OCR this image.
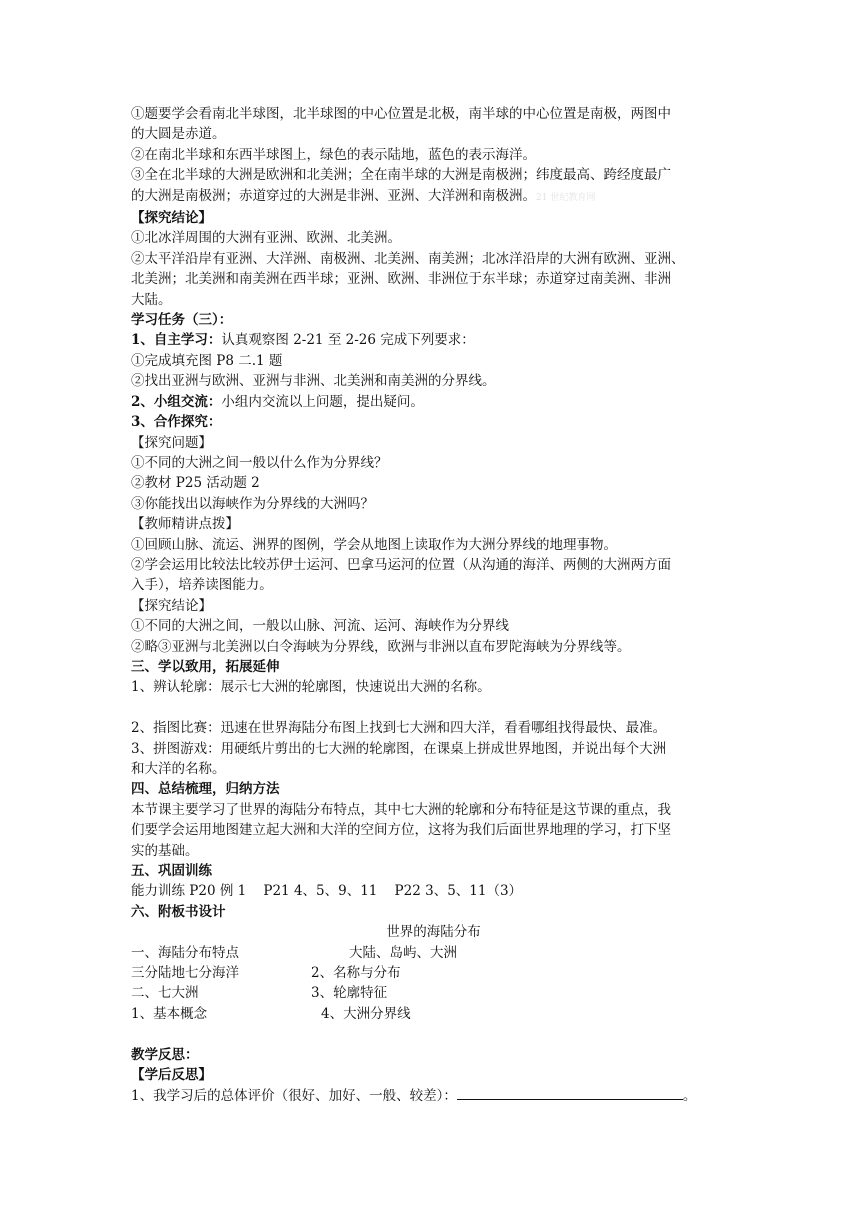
①题要学会看南北半球图，北半球图的中心位置是北极，南半球的中心位置是南极，两图中
的大圆是赤道。
②在南北半球和东西半球图上，绿色的表示陆地，蓝色的表示海洋。
③全在北半球的大洲是欧洲和北美洲；全在南半球的大洲是南极洲；纬度最高、跨经度最广
的大洲是南极洲；赤道穿过的大洲是非洲、亚洲、大洋洲和南极洲。21 世纪教育网
【探究结论】
①北冰洋周围的大洲有亚洲、欧洲、北美洲。
②太平洋沿岸有亚洲、大洋洲、南极洲、北美洲、南美洲；北冰洋沿岸的大洲有欧洲、亚洲、
北美洲；北美洲和南美洲在西半球；亚洲、欧洲、非洲位于东半球；赤道穿过南美洲、非洲
大陆。
学习任务（三）：
1、自主学习：认真观察图 2-21 至 2-26 完成下列要求：
①完成填充图 P8 二.1 题
②找出亚洲与欧洲、亚洲与非洲、北美洲和南美洲的分界线。
2、小组交流：小组内交流以上问题，提出疑问。
3、合作探究：
【探究问题】
①不同的大洲之间一般以什么作为分界线？
②教材 P25 活动题 2
③你能找出以海峡作为分界线的大洲吗？
【教师精讲点拨】
①回顾山脉、流运、洲界的图例，学会从地图上读取作为大洲分界线的地理事物。
②学会运用比较法比较苏伊士运河、巴拿马运河的位置（从沟通的海洋、两侧的大洲两方面
入手），培养读图能力。
【探究结论】
①不同的大洲之间，一般以山脉、河流、运河、海峡作为分界线
②略③亚洲与北美洲以白令海峡为分界线，欧洲与非洲以直布罗陀海峡为分界线等。
三、学以致用，拓展延伸
1、辨认轮廓：展示七大洲的轮廓图，快速说出大洲的名称。
2、指图比赛：迅速在世界海陆分布图上找到七大洲和四大洋，看看哪组找得最快、最准。
3、拼图游戏：用硬纸片剪出的七大洲的轮廓图，在课桌上拼成世界地图，并说出每个大洲
和大洋的名称。
四、总结梳理，归纳方法
本节课主要学习了世界的海陆分布特点，其中七大洲的轮廓和分布特征是这节课的重点，我
们要学会运用地图建立起大洲和大洋的空间方位，这将为我们后面世界地理的学习，打下坚
实的基础。
五、巩固训练
能力训练 P20 例 1    P21 4、5、9、11    P22 3、5、11（3）
六、附板书设计
世界的海陆分布
一、海陆分布特点	大陆、岛屿、大洲
三分陆地七分海洋	2、名称与分布
二、七大洲	3、轮廓特征
1、基本概念	4、大洲分界线
教学反思：
【学后反思】
1、我学习后的总体评价（很好、加好、一般、较差）：	。
